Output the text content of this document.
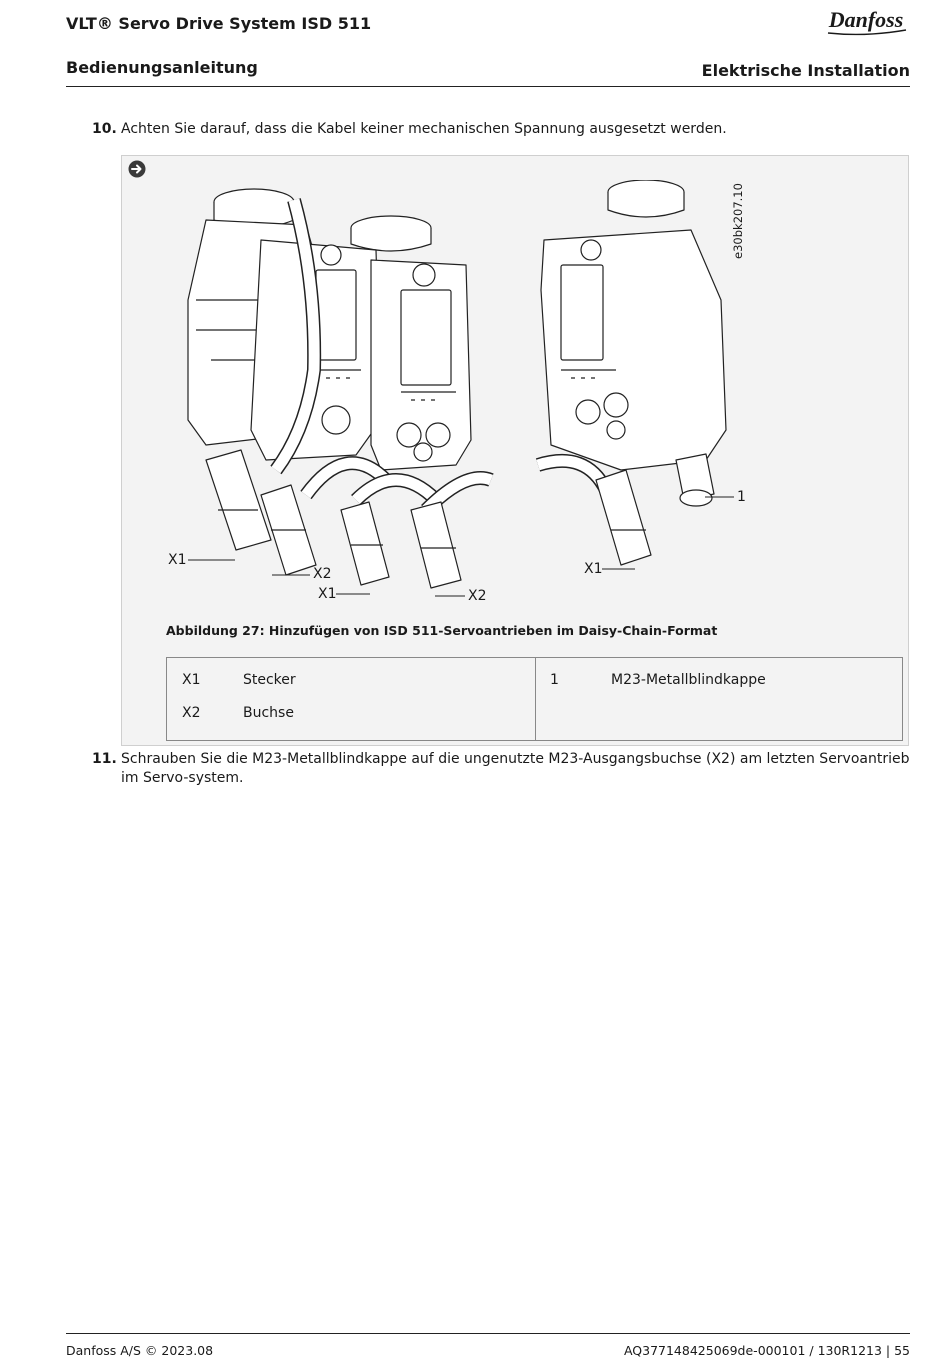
VLT® Servo Drive System ISD 511
Bedienungsanleitung	Elektrische Installation
Danfoss
10. Achten Sie darauf, dass die Kabel keiner mechanischen Spannung ausgesetzt werden.
e30bk207.10
X1
X2
X1	X2
X1
1
Abbildung 27: Hinzufügen von ISD 511-Servoantrieben im Daisy-Chain-Format
X1	Stecker
X2	Buchse
1	M23-Metallblindkappe
11. Schrauben Sie die M23-Metallblindkappe auf die ungenutzte M23-Ausgangsbuchse (X2) am letzten Servoantrieb im Servo-system.
Danfoss A/S © 2023.08	AQ377148425069de-000101 / 130R1213 | 55
